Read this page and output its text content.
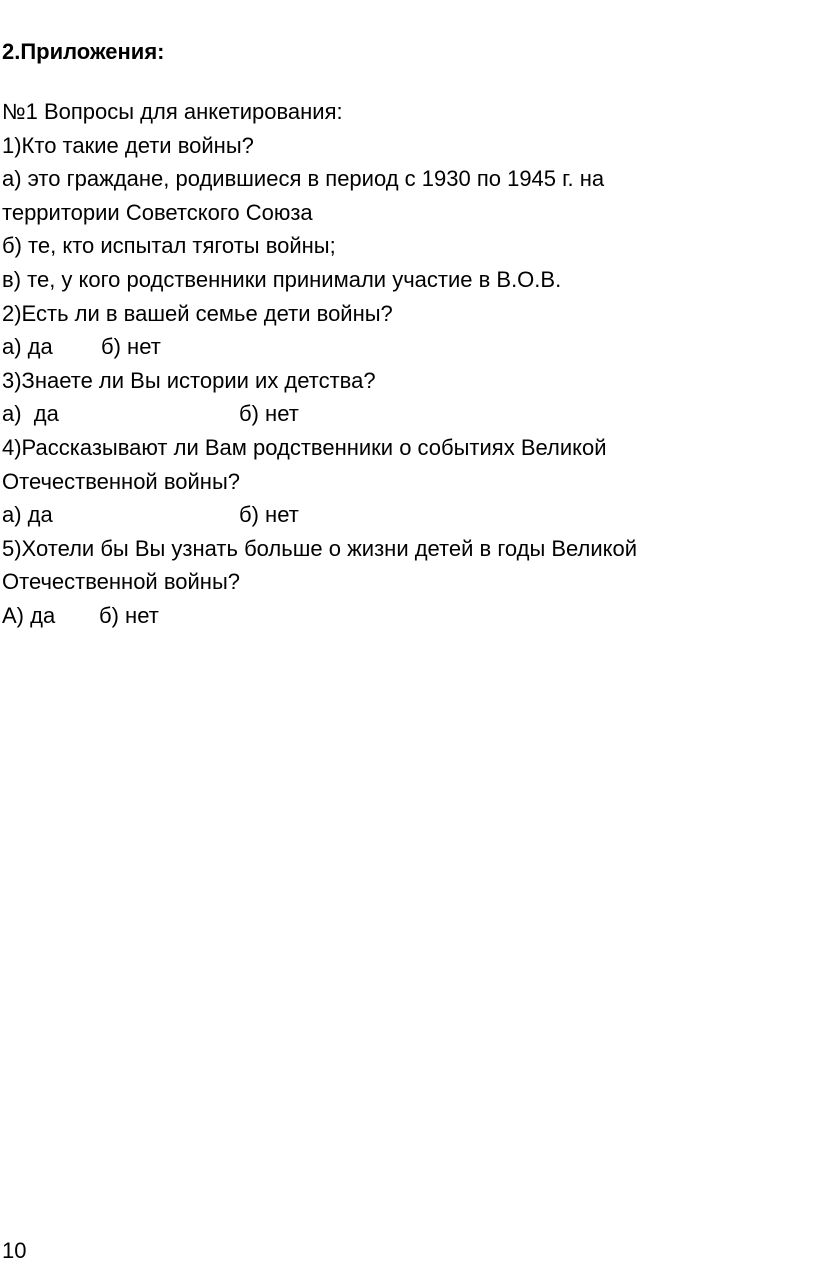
2.Приложения:
№1 Вопросы для анкетирования:
1)Кто такие дети войны?
а) это граждане, родившиеся в период с 1930 по 1945 г. на
территории Советского Союза
б) те, кто испытал тяготы войны;
в) те, у кого родственники принимали участие в В.О.В.
2)Есть ли в вашей семье дети войны?
а) да б) нет
3)Знаете ли Вы истории их детства?
а)  да	б) нет
4)Рассказывают ли Вам родственники о событиях Великой
Отечественной войны?
а) да	б) нет
5)Хотели бы Вы узнать больше о жизни детей в годы Великой
Отечественной войны?
А) да б) нет
10
